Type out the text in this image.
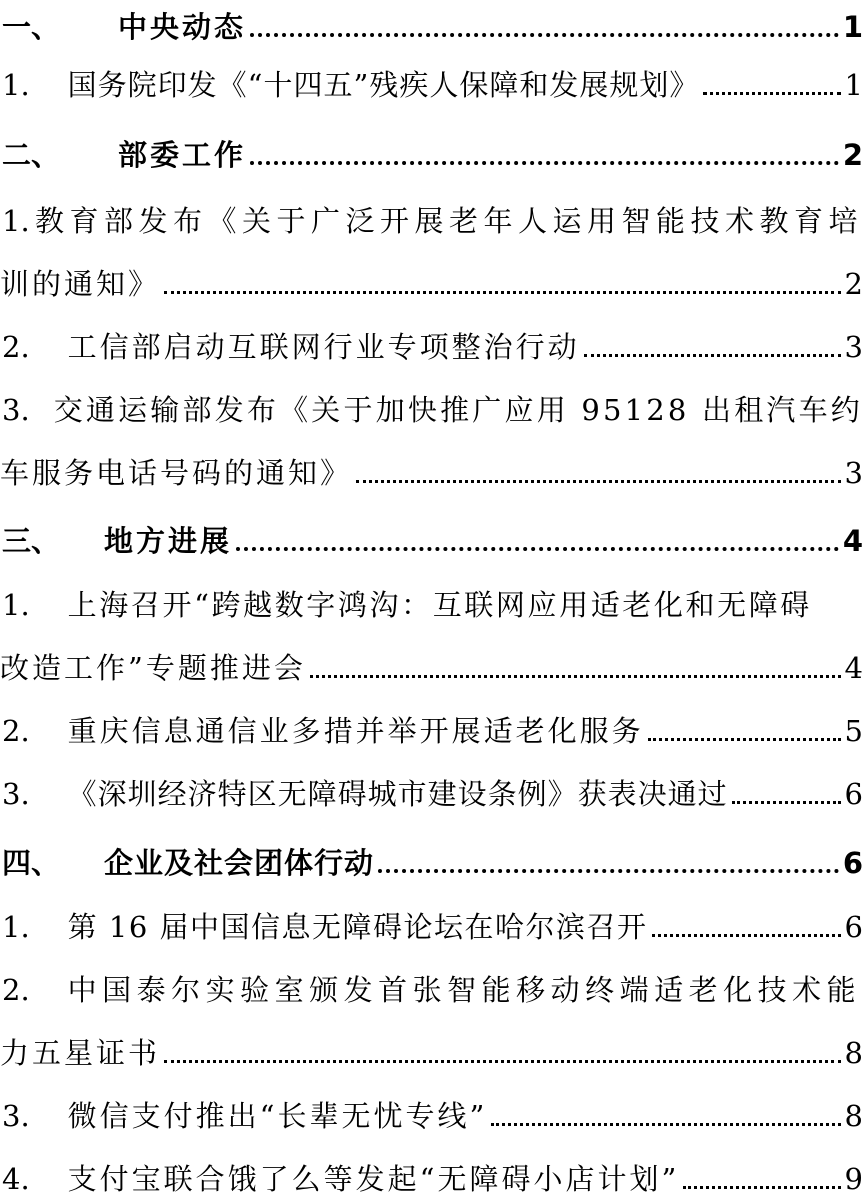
一、 中央动态	1
1. 国务院印发《“十四五”残疾人保障和发展规划》	1
二、 部委工作	2
1. 教育部发布《关于广泛开展老年人运用智能技术教育培
训的通知》	2
2. 工信部启动互联网行业专项整治行动	3
3. 交通运输部发布《关于加快推广应用 95128 出租汽车约
车服务电话号码的通知》	3
三、 地方进展	4
1. 上海召开“跨越数字鸿沟：互联网应用适老化和无障碍
改造工作”专题推进会	4
2. 重庆信息通信业多措并举开展适老化服务	5
3. 《深圳经济特区无障碍城市建设条例》获表决通过	6
四、 企业及社会团体行动	6
1. 第 16 届中国信息无障碍论坛在哈尔滨召开	6
2. 中国泰尔实验室颁发首张智能移动终端适老化技术能
力五星证书	8
3. 微信支付推出“长辈无忧专线”	8
4. 支付宝联合饿了么等发起“无障碍小店计划”	9
